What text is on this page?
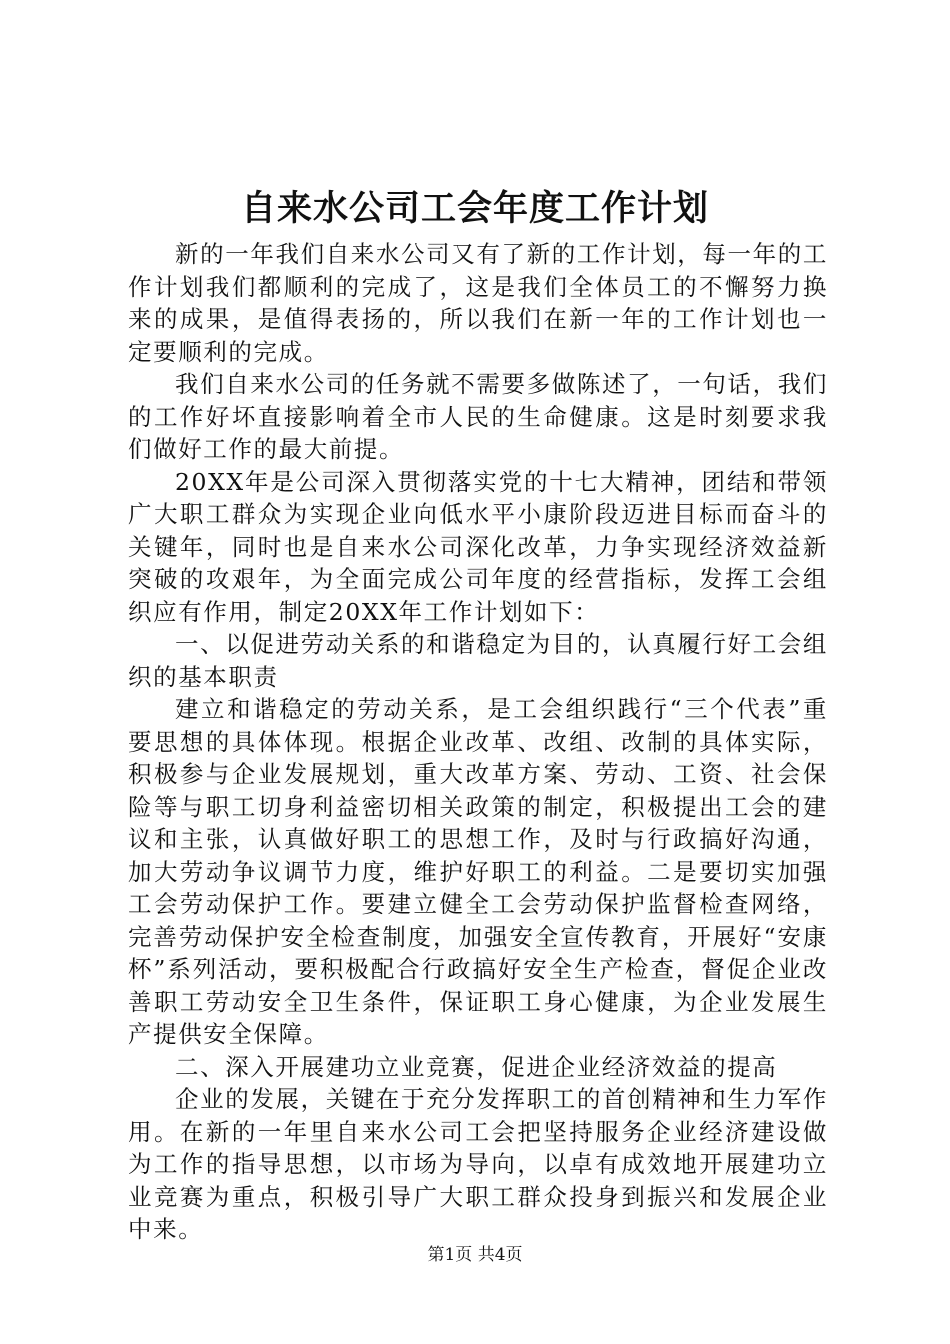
自来水公司工会年度工作计划

新的一年我们自来水公司又有了新的工作计划，每一年的工作计划我们都顺利的完成了，这是我们全体员工的不懈努力换来的成果，是值得表扬的，所以我们在新一年的工作计划也一定要顺利的完成。

我们自来水公司的任务就不需要多做陈述了，一句话，我们的工作好坏直接影响着全市人民的生命健康。这是时刻要求我们做好工作的最大前提。

20XX年是公司深入贯彻落实党的十七大精神，团结和带领广大职工群众为实现企业向低水平小康阶段迈进目标而奋斗的关键年，同时也是自来水公司深化改革，力争实现经济效益新突破的攻艰年，为全面完成公司年度的经营指标，发挥工会组织应有作用，制定20XX年工作计划如下：

一、以促进劳动关系的和谐稳定为目的，认真履行好工会组织的基本职责

建立和谐稳定的劳动关系，是工会组织践行“三个代表”重要思想的具体体现。根据企业改革、改组、改制的具体实际，积极参与企业发展规划，重大改革方案、劳动、工资、社会保险等与职工切身利益密切相关政策的制定，积极提出工会的建议和主张，认真做好职工的思想工作，及时与行政搞好沟通，加大劳动争议调节力度，维护好职工的利益。二是要切实加强工会劳动保护工作。要建立健全工会劳动保护监督检查网络，完善劳动保护安全检查制度，加强安全宣传教育，开展好“安康杯”系列活动，要积极配合行政搞好安全生产检查，督促企业改善职工劳动安全卫生条件，保证职工身心健康，为企业发展生产提供安全保障。

二、深入开展建功立业竞赛，促进企业经济效益的提高

企业的发展，关键在于充分发挥职工的首创精神和生力军作用。在新的一年里自来水公司工会把坚持服务企业经济建设做为工作的指导思想，以市场为导向，以卓有成效地开展建功立业竞赛为重点，积极引导广大职工群众投身到振兴和发展企业中来。

第1页 共4页
